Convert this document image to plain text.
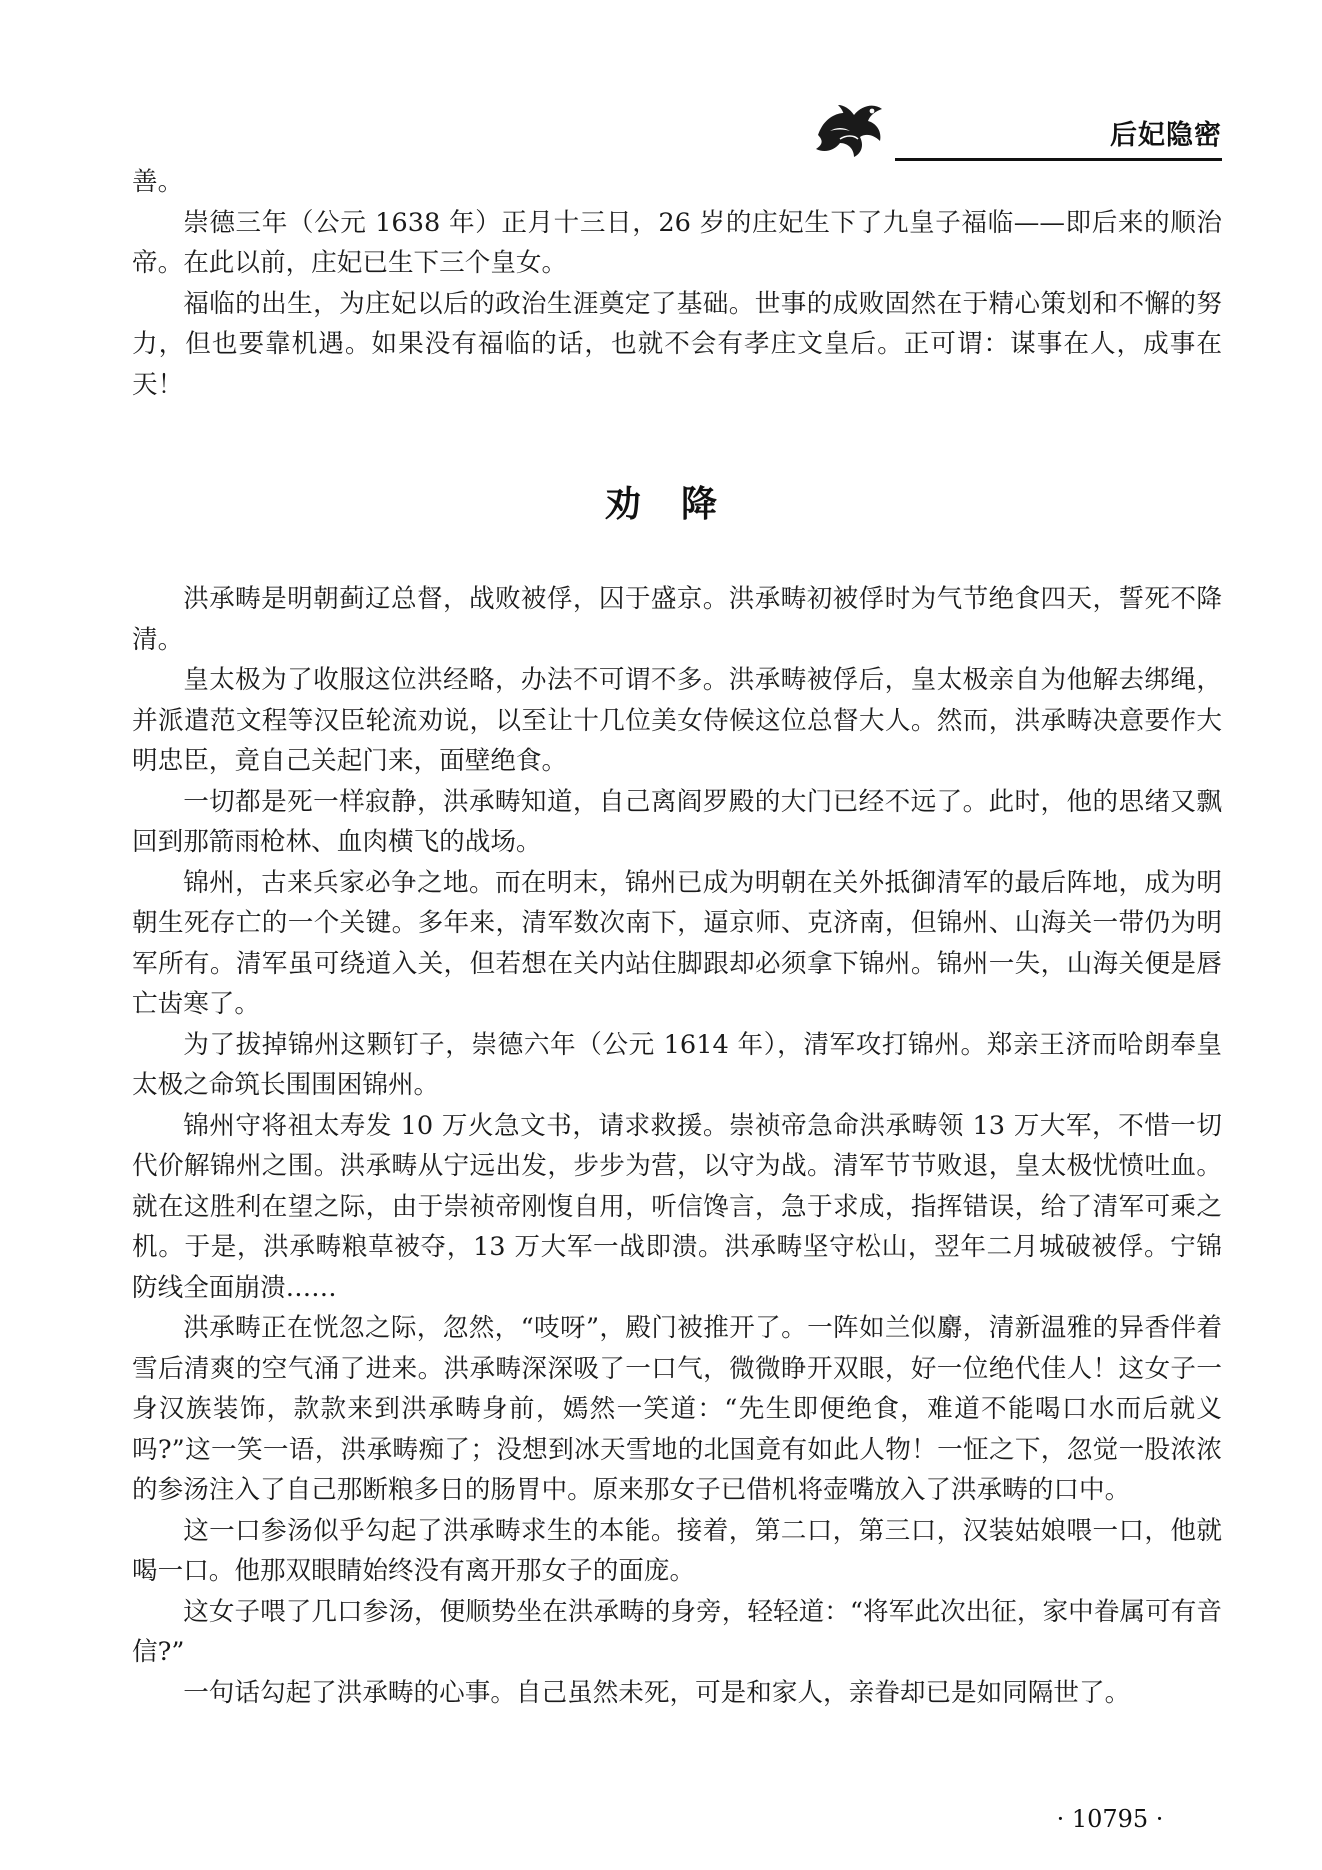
后妃隐密

善。

崇德三年（公元 1638 年）正月十三日，26 岁的庄妃生下了九皇子福临——即后来的顺治帝。在此以前，庄妃已生下三个皇女。

福临的出生，为庄妃以后的政治生涯奠定了基础。世事的成败固然在于精心策划和不懈的努力，但也要靠机遇。如果没有福临的话，也就不会有孝庄文皇后。正可谓：谋事在人，成事在天！

劝降

洪承畴是明朝蓟辽总督，战败被俘，囚于盛京。洪承畴初被俘时为气节绝食四天，誓死不降清。

皇太极为了收服这位洪经略，办法不可谓不多。洪承畴被俘后，皇太极亲自为他解去绑绳，并派遣范文程等汉臣轮流劝说，以至让十几位美女侍候这位总督大人。然而，洪承畴决意要作大明忠臣，竟自己关起门来，面壁绝食。

一切都是死一样寂静，洪承畴知道，自己离阎罗殿的大门已经不远了。此时，他的思绪又飘回到那箭雨枪林、血肉横飞的战场。

锦州，古来兵家必争之地。而在明末，锦州已成为明朝在关外抵御清军的最后阵地，成为明朝生死存亡的一个关键。多年来，清军数次南下，逼京师、克济南，但锦州、山海关一带仍为明军所有。清军虽可绕道入关，但若想在关内站住脚跟却必须拿下锦州。锦州一失，山海关便是唇亡齿寒了。

为了拔掉锦州这颗钉子，崇德六年（公元 1614 年），清军攻打锦州。郑亲王济而哈朗奉皇太极之命筑长围围困锦州。

锦州守将祖太寿发 10 万火急文书，请求救援。崇祯帝急命洪承畴领 13 万大军，不惜一切代价解锦州之围。洪承畴从宁远出发，步步为营，以守为战。清军节节败退，皇太极忧愤吐血。就在这胜利在望之际，由于崇祯帝刚愎自用，听信馋言，急于求成，指挥错误，给了清军可乘之机。于是，洪承畴粮草被夺，13 万大军一战即溃。洪承畴坚守松山，翌年二月城破被俘。宁锦防线全面崩溃……

洪承畴正在恍忽之际，忽然，“吱呀”，殿门被推开了。一阵如兰似麝，清新温雅的异香伴着雪后清爽的空气涌了进来。洪承畴深深吸了一口气，微微睁开双眼，好一位绝代佳人！这女子一身汉族装饰，款款来到洪承畴身前，嫣然一笑道：“先生即便绝食，难道不能喝口水而后就义吗?”这一笑一语，洪承畴痴了；没想到冰天雪地的北国竟有如此人物！一怔之下，忽觉一股浓浓的参汤注入了自己那断粮多日的肠胃中。原来那女子已借机将壶嘴放入了洪承畴的口中。

这一口参汤似乎勾起了洪承畴求生的本能。接着，第二口，第三口，汉装姑娘喂一口，他就喝一口。他那双眼睛始终没有离开那女子的面庞。

这女子喂了几口参汤，便顺势坐在洪承畴的身旁，轻轻道：“将军此次出征，家中眷属可有音信?”

一句话勾起了洪承畴的心事。自己虽然未死，可是和家人，亲眷却已是如同隔世了。

· 10795 ·
